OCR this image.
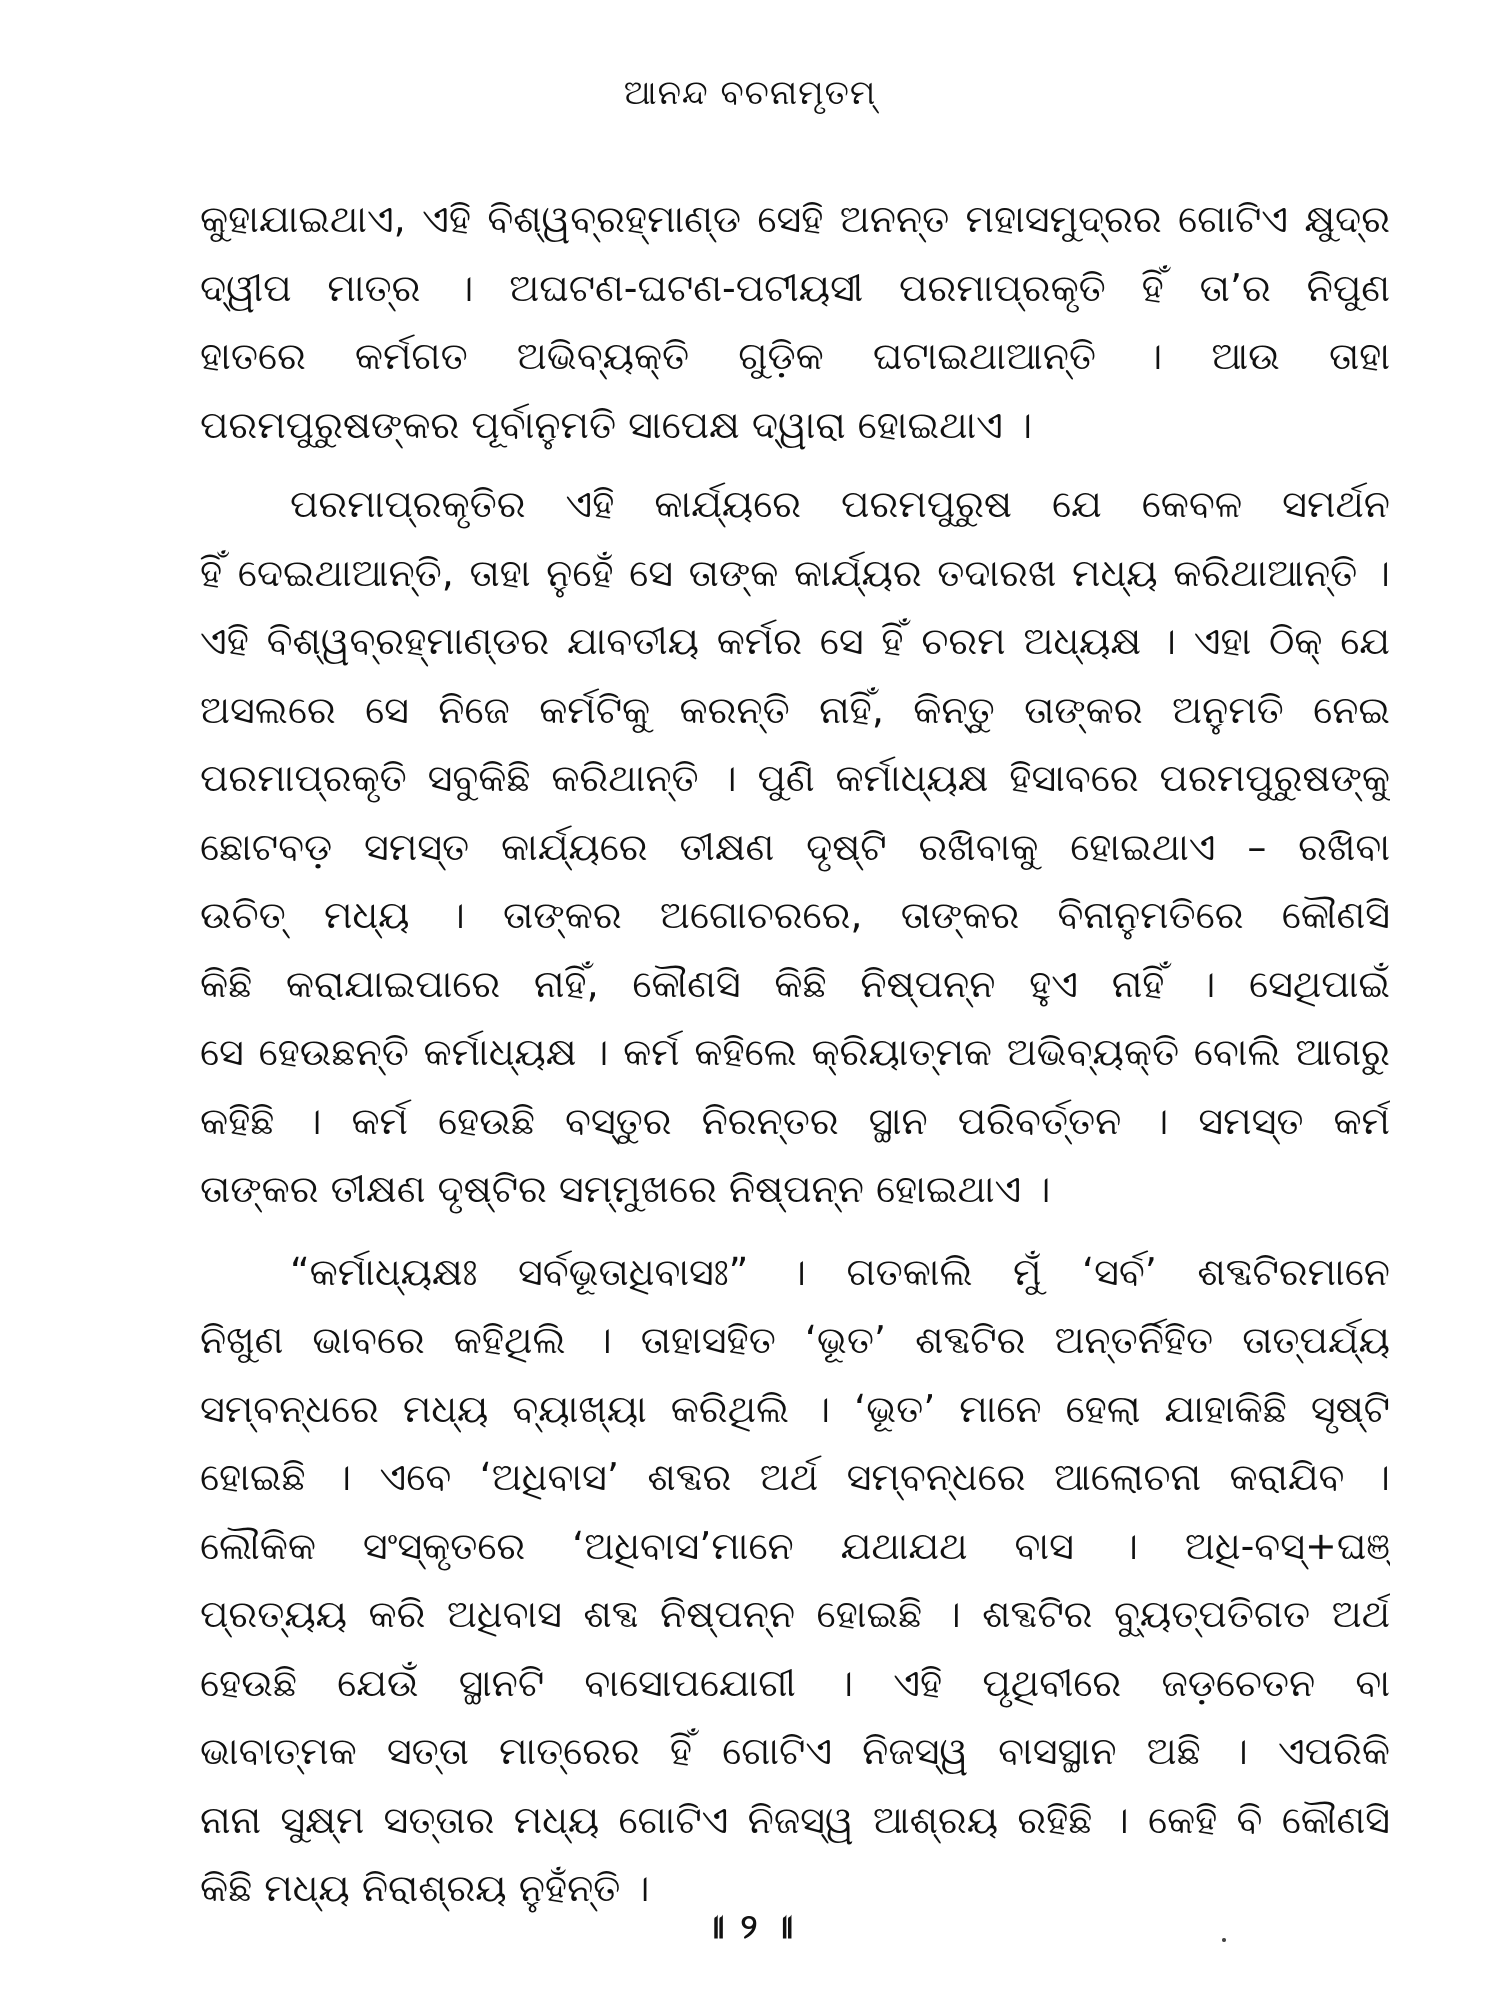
ଆନନ୍ଦ ବଚନାମୃତମ୍
କୁହାଯାଇଥାଏ, ଏହି ବିଶ୍ୱବ୍ରହ୍ମାଣ୍ଡ ସେହି ଅନନ୍ତ ମହାସମୁଦ୍ରର ଗୋଟିଏ କ୍ଷୁଦ୍ର
ଦ୍ୱୀପ ମାତ୍ର । ଅଘଟଣ-ଘଟଣ-ପଟୀୟସୀ ପରମାପ୍ରକୃତି ହିଁ ତା’ର ନିପୁଣ
ହାତରେ କର୍ମଗତ ଅଭିବ୍ୟକ୍ତି ଗୁଡ଼ିକ ଘଟାଇଥାଆନ୍ତି । ଆଉ ତାହା
ପରମପୁରୁଷଙ୍କର ପୂର୍ବାନୁମତି ସାପେକ୍ଷ ଦ୍ୱାରା ହୋଇଥାଏ ।
ପରମାପ୍ରକୃତିର ଏହି କାର୍ଯ୍ୟରେ ପରମପୁରୁଷ ଯେ କେବଳ ସମର୍ଥନ
ହିଁ ଦେଇଥାଆନ୍ତି, ତାହା ନୁହେଁ ସେ ତାଙ୍କ କାର୍ଯ୍ୟର ତଦାରଖ ମଧ୍ୟ କରିଥାଆନ୍ତି ।
ଏହି ବିଶ୍ୱବ୍ରହ୍ମାଣ୍ଡର ଯାବତୀୟ କର୍ମର ସେ ହିଁ ଚରମ ଅଧ୍ୟକ୍ଷ । ଏହା ଠିକ୍ ଯେ
ଅସଲରେ ସେ ନିଜେ କର୍ମଟିକୁ କରନ୍ତି ନାହିଁ, କିନ୍ତୁ ତାଙ୍କର ଅନୁମତି ନେଇ
ପରମାପ୍ରକୃତି ସବୁକିଛି କରିଥାନ୍ତି । ପୁଣି କର୍ମାଧ୍ୟକ୍ଷ ହିସାବରେ ପରମପୁରୁଷଙ୍କୁ
ଛୋଟବଡ଼ ସମସ୍ତ କାର୍ଯ୍ୟରେ ତୀକ୍ଷଣ ଦୃଷ୍ଟି ରଖିବାକୁ ହୋଇଥାଏ – ରଖିବା
ଉଚିତ୍ ମଧ୍ୟ । ତାଙ୍କର ଅଗୋଚରରେ, ତାଙ୍କର ବିନାନୁମତିରେ କୌଣସି
କିଛି କରାଯାଇପାରେ ନାହିଁ, କୌଣସି କିଛି ନିଷ୍ପନ୍ନ ହୁଏ ନାହିଁ । ସେଥିପାଇଁ
ସେ ହେଉଛନ୍ତି କର୍ମାଧ୍ୟକ୍ଷ । କର୍ମ କହିଲେ କ୍ରିୟାତ୍ମକ ଅଭିବ୍ୟକ୍ତି ବୋଲି ଆଗରୁ
କହିଛି । କର୍ମ ହେଉଛି ବସ୍ତୁର ନିରନ୍ତର ସ୍ଥାନ ପରିବର୍ତ୍ତନ । ସମସ୍ତ କର୍ମ
ତାଙ୍କର ତୀକ୍ଷଣ ଦୃଷ୍ଟିର ସମ୍ମୁଖରେ ନିଷ୍ପନ୍ନ ହୋଇଥାଏ ।
“କର୍ମାଧ୍ୟକ୍ଷଃ ସର୍ବଭୂତାଧିବାସଃ” । ଗତକାଲି ମୁଁ ‘ସର୍ବ’ ଶବ୍ଦଟିରମାନେ
ନିଖୁଣ ଭାବରେ କହିଥିଲି । ତାହାସହିତ ‘ଭୂତ’ ଶବ୍ଦଟିର ଅନ୍ତର୍ନିହିତ ତାତ୍ପର୍ଯ୍ୟ
ସମ୍ବନ୍ଧରେ ମଧ୍ୟ ବ୍ୟାଖ୍ୟା କରିଥିଲି । ‘ଭୂତ’ ମାନେ ହେଲା ଯାହାକିଛି ସୃଷ୍ଟି
ହୋଇଛି । ଏବେ ‘ଅଧିବାସ’ ଶବ୍ଦର ଅର୍ଥ ସମ୍ବନ୍ଧରେ ଆଲୋଚନା କରାଯିବ ।
ଲୌକିକ ସଂସ୍କୃତରେ ‘ଅଧିବାସ’ମାନେ ଯଥାଯଥ ବାସ । ଅଧି-ବସ୍+ଘଞ୍
ପ୍ରତ୍ୟୟ କରି ଅଧିବାସ ଶବ୍ଦ ନିଷ୍ପନ୍ନ ହୋଇଛି । ଶବ୍ଦଟିର ବ୍ୟୁତ୍ପତିଗତ ଅର୍ଥ
ହେଉଛି ଯେଉଁ ସ୍ଥାନଟି ବାସୋପଯୋଗୀ । ଏହି ପୃଥିବୀରେ ଜଡ଼ଚେତନ ବା
ଭାବାତ୍ମକ ସତ୍ତା ମାତ୍ରେର ହିଁ ଗୋଟିଏ ନିଜସ୍ୱ ବାସସ୍ଥାନ ଅଛି । ଏପରିକି
ନାନା ସୁକ୍ଷ୍ମ ସତ୍ତାର ମଧ୍ୟ ଗୋଟିଏ ନିଜସ୍ୱ ଆଶ୍ରୟ ରହିଛି । କେହି ବି କୌଣସି
କିଛି ମଧ୍ୟ ନିରାଶ୍ରୟ ନୁହଁନ୍ତି ।
॥ ୨ ॥
